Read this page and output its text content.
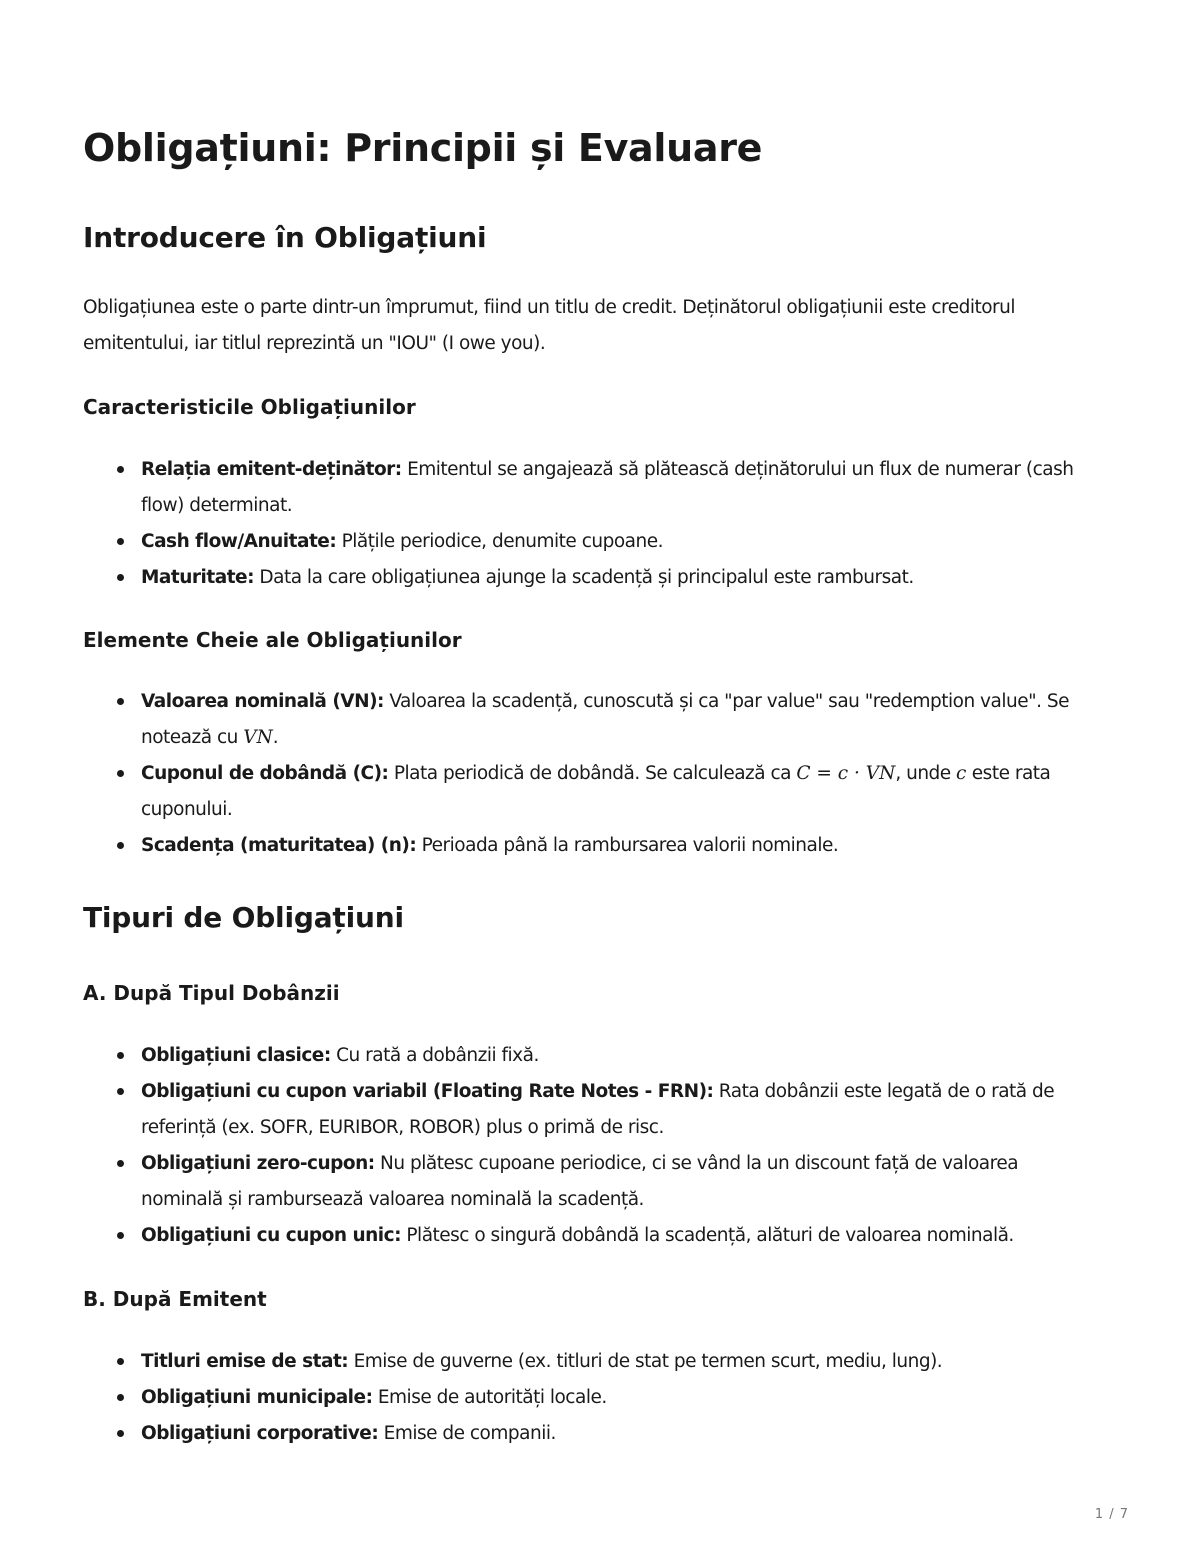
Obligațiuni: Principii și Evaluare
Introducere în Obligațiuni

Obligațiunea este o parte dintr-un împrumut, fiind un titlu de credit. Deținătorul obligațiunii este creditorul emitentului, iar titlul reprezintă un "IOU" (I owe you).

Caracteristicile Obligațiunilor
Relația emitent-deținător: Emitentul se angajează să plătească deținătorului un flux de numerar (cash flow) determinat.
Cash flow/Anuitate: Plățile periodice, denumite cupoane.
Maturitate: Data la care obligațiunea ajunge la scadență și principalul este rambursat.
Elemente Cheie ale Obligațiunilor
Valoarea nominală (VN): Valoarea la scadență, cunoscută și ca "par value" sau "redemption value". Se notează cu VN.
Cuponul de dobândă (C): Plata periodică de dobândă. Se calculează ca C = c · VN, unde c este rata cuponului.
Scadența (maturitatea) (n): Perioada până la rambursarea valorii nominale.
Tipuri de Obligațiuni
A. După Tipul Dobânzii
Obligațiuni clasice: Cu rată a dobânzii fixă.
Obligațiuni cu cupon variabil (Floating Rate Notes - FRN): Rata dobânzii este legată de o rată de referință (ex. SOFR, EURIBOR, ROBOR) plus o primă de risc.
Obligațiuni zero-cupon: Nu plătesc cupoane periodice, ci se vând la un discount față de valoarea nominală și rambursează valoarea nominală la scadență.
Obligațiuni cu cupon unic: Plătesc o singură dobândă la scadență, alături de valoarea nominală.
B. După Emitent
Titluri emise de stat: Emise de guverne (ex. titluri de stat pe termen scurt, mediu, lung).
Obligațiuni municipale: Emise de autorități locale.
Obligațiuni corporative: Emise de companii.
1 / 7
